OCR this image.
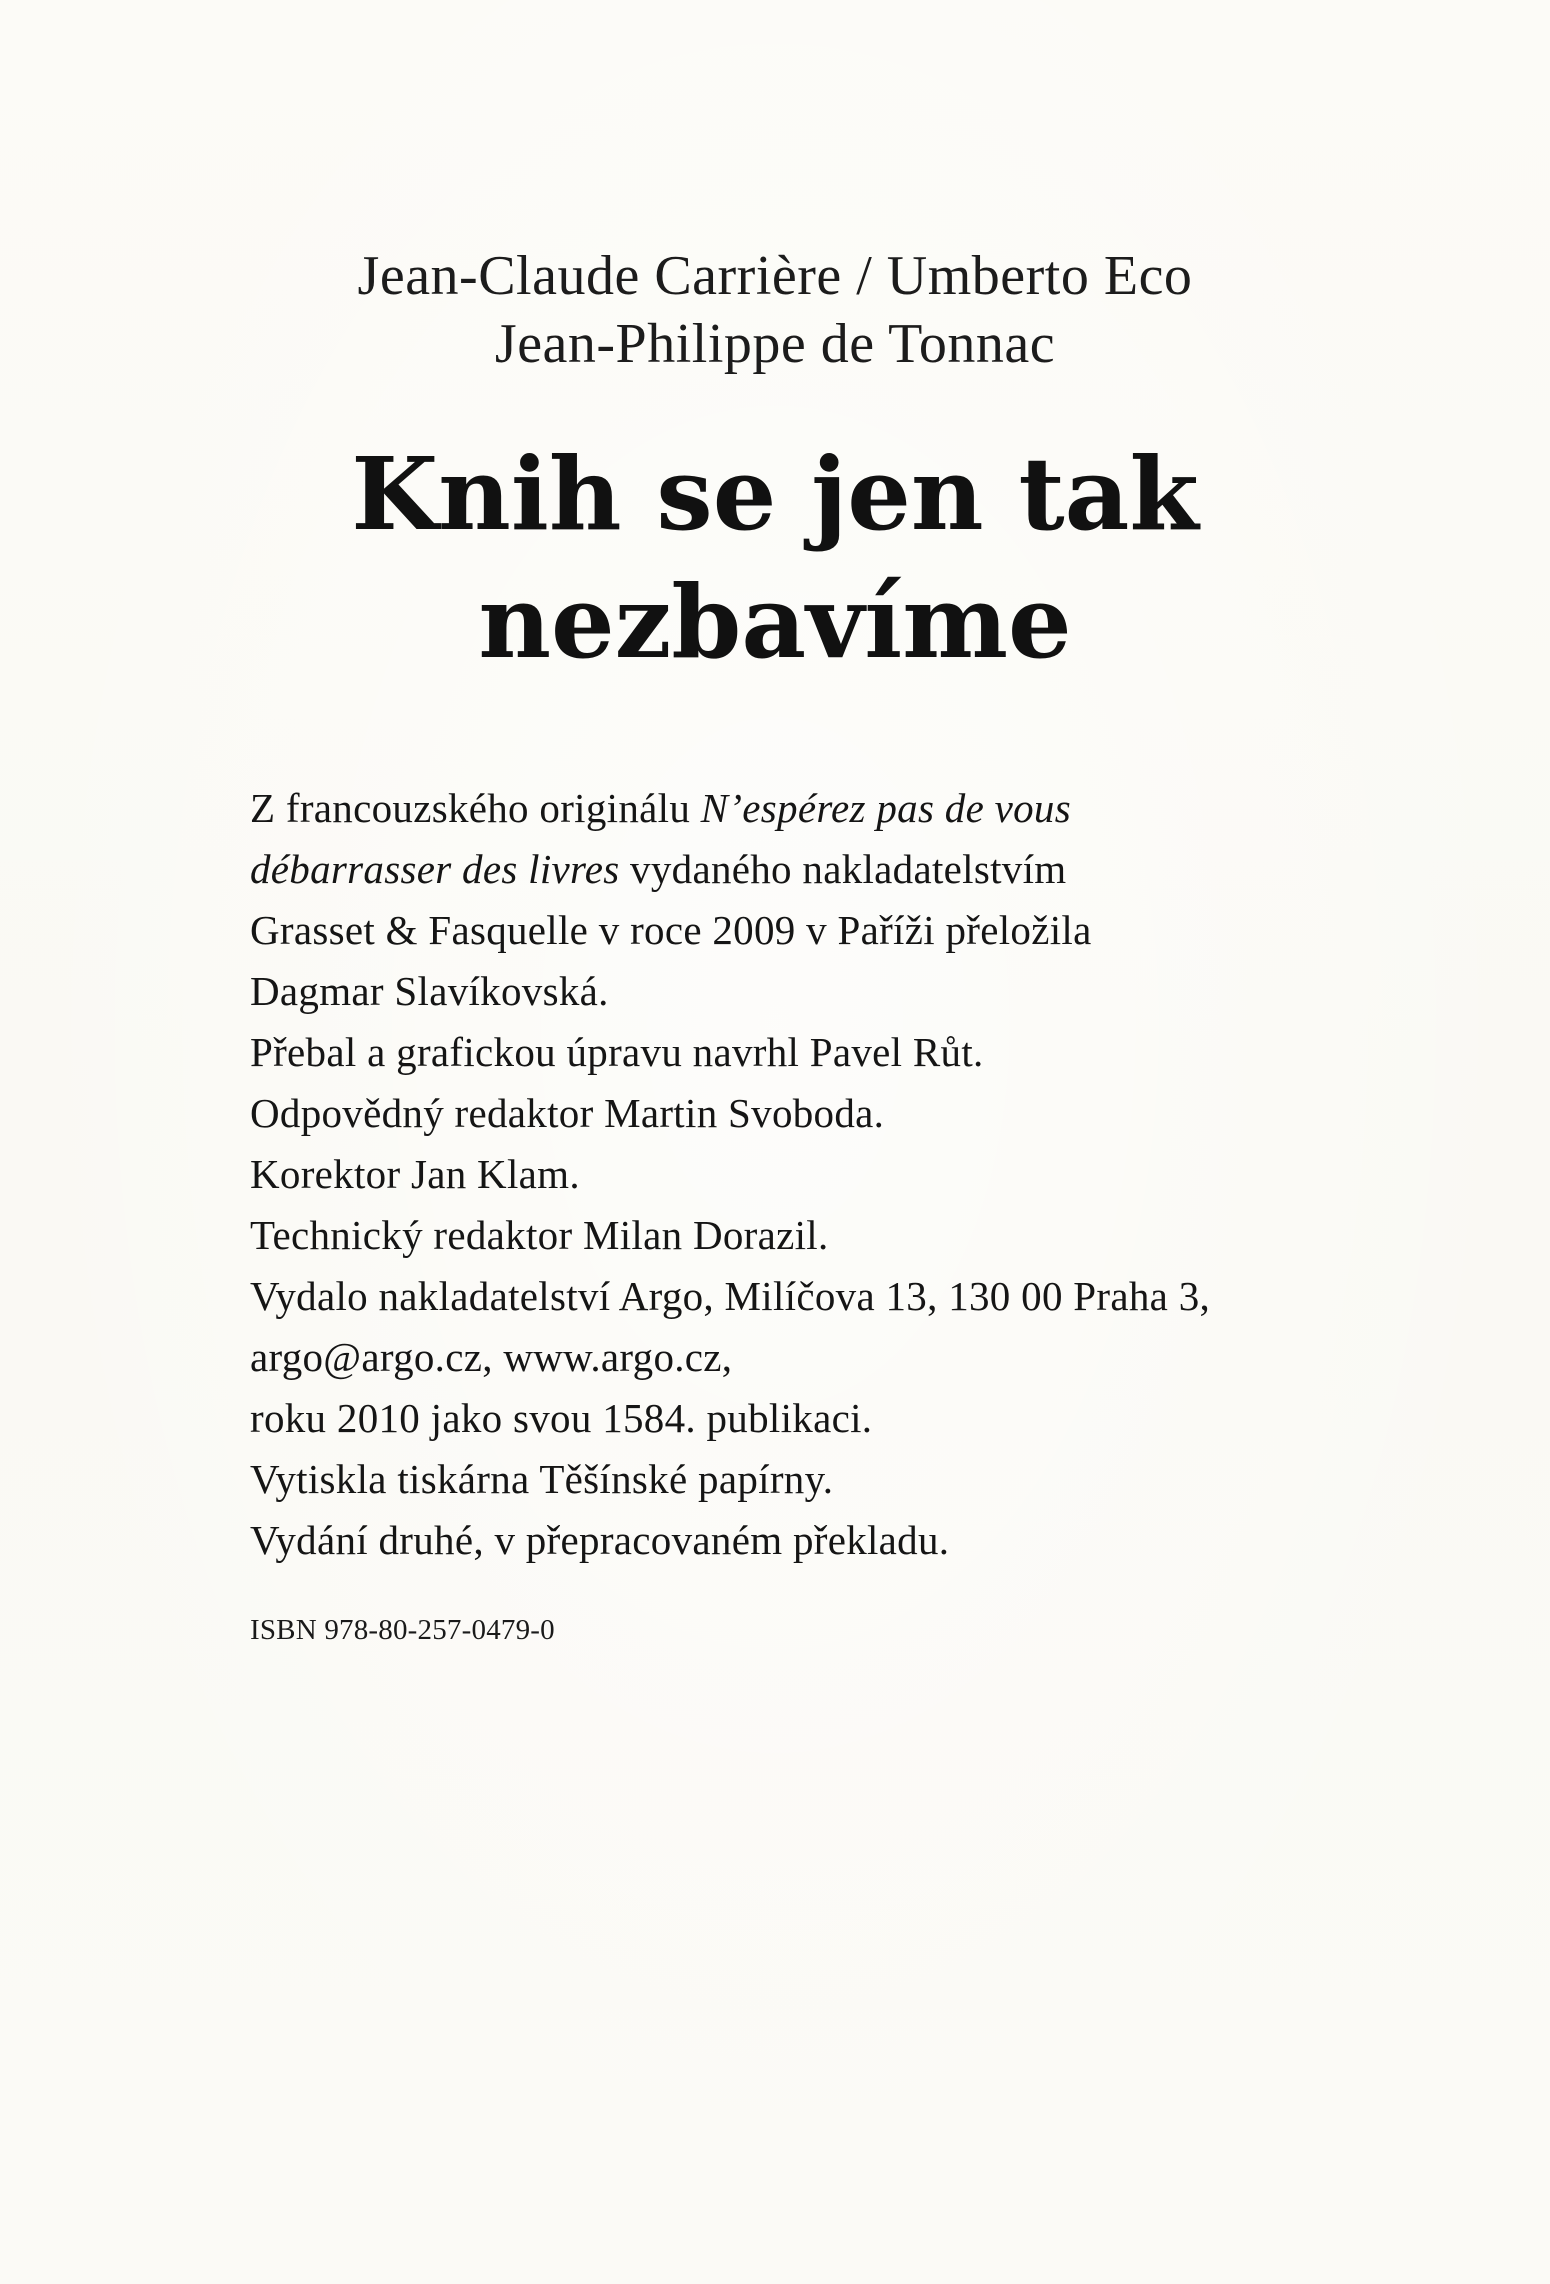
Jean-Claude Carrière / Umberto Eco
Jean-Philippe de Tonnac
Knih se jen tak
nezbavíme
Z francouzského originálu N’espérez pas de vous
débarrasser des livres vydaného nakladatelstvím
Grasset & Fasquelle v roce 2009 v Paříži přeložila
Dagmar Slavíkovská.
Přebal a grafickou úpravu navrhl Pavel Růt.
Odpovědný redaktor Martin Svoboda.
Korektor Jan Klam.
Technický redaktor Milan Dorazil.
Vydalo nakladatelství Argo, Milíčova 13, 130 00 Praha 3,
argo@argo.cz, www.argo.cz,
roku 2010 jako svou 1584. publikaci.
Vytiskla tiskárna Těšínské papírny.
Vydání druhé, v přepracovaném překladu.
ISBN 978-80-257-0479-0
